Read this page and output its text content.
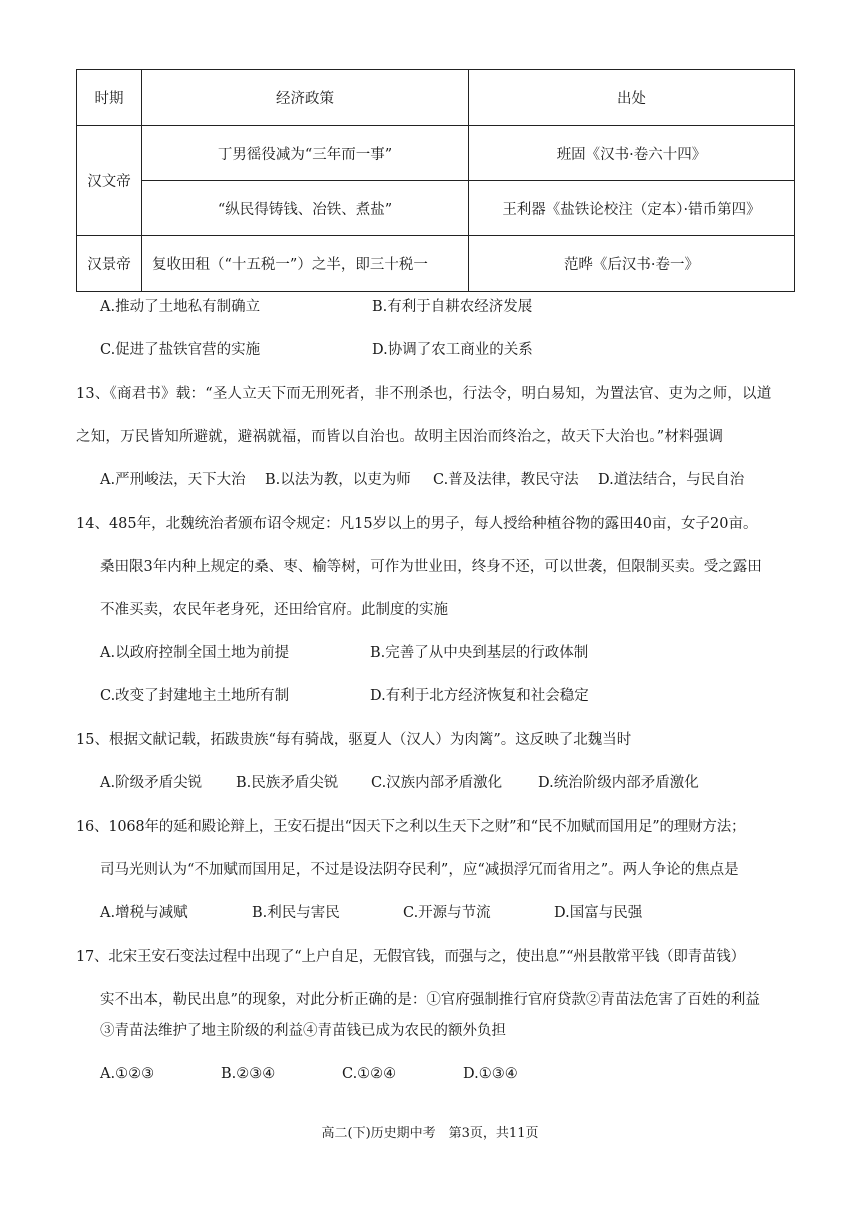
时期	经济政策	出处
汉文帝	丁男徭役减为“三年而一事”	班固《汉书·卷六十四》
	“纵民得铸钱、冶铁、煮盐”	王利器《盐铁论校注（定本）·错币第四》
汉景帝	复收田租（“十五税一”）之半，即三十税一	范晔《后汉书·卷一》
A.推动了土地私有制确立	B.有利于自耕农经济发展
C.促进了盐铁官营的实施	D.协调了农工商业的关系
13、《商君书》载：“圣人立天下而无刑死者，非不刑杀也，行法令，明白易知，为置法官、吏为之师，以道
之知，万民皆知所避就，避祸就福，而皆以自治也。故明主因治而终治之，故天下大治也。”材料强调
A.严刑峻法，天下大治 B.以法为教，以吏为师 C.普及法律，教民守法 D.道法结合，与民自治
14、485年，北魏统治者颁布诏令规定：凡15岁以上的男子，每人授给种植谷物的露田40亩，女子20亩。
桑田限3年内种上规定的桑、枣、榆等树，可作为世业田，终身不还，可以世袭，但限制买卖。受之露田
不准买卖，农民年老身死，还田给官府。此制度的实施
A.以政府控制全国土地为前提	B.完善了从中央到基层的行政体制
C.改变了封建地主土地所有制	D.有利于北方经济恢复和社会稳定
15、根据文献记载，拓跋贵族“每有骑战，驱夏人（汉人）为肉篱”。这反映了北魏当时
A.阶级矛盾尖锐 B.民族矛盾尖锐 C.汉族内部矛盾激化 D.统治阶级内部矛盾激化
16、1068年的延和殿论辩上，王安石提出“因天下之利以生天下之财”和“民不加赋而国用足”的理财方法；
司马光则认为“不加赋而国用足，不过是设法阴夺民利”，应“减损浮冗而省用之”。两人争论的焦点是
A.增税与减赋	B.利民与害民	C.开源与节流	D.国富与民强
17、北宋王安石变法过程中出现了“上户自足，无假官钱，而强与之，使出息”“州县散常平钱（即青苗钱）
实不出本，勒民出息”的现象，对此分析正确的是：①官府强制推行官府贷款②青苗法危害了百姓的利益
③青苗法维护了地主阶级的利益④青苗钱已成为农民的额外负担
A.①②③	B.②③④	C.①②④	D.①③④
高二(下)历史期中考　第3页，共11页
